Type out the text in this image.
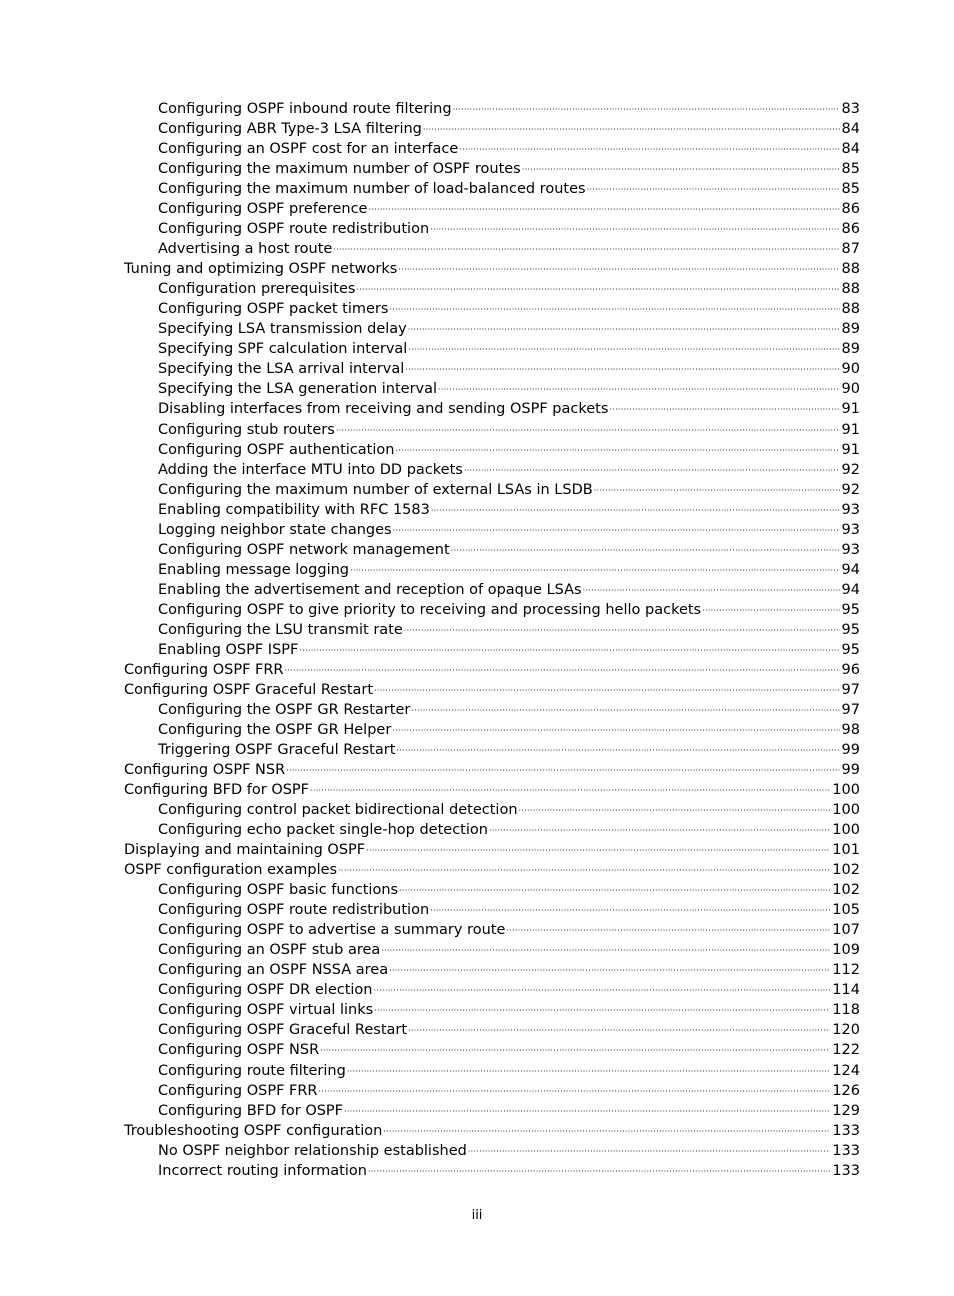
Configuring OSPF inbound route filtering ·····	83
Configuring ABR Type-3 LSA filtering ·····	84
Configuring an OSPF cost for an interface ·····	84
Configuring the maximum number of OSPF routes ·····	85
Configuring the maximum number of load-balanced routes ·····	85
Configuring OSPF preference ·····	86
Configuring OSPF route redistribution ·····	86
Advertising a host route ·····	87
Tuning and optimizing OSPF networks ·····	88
Configuration prerequisites ·····	88
Configuring OSPF packet timers ·····	88
Specifying LSA transmission delay ·····	89
Specifying SPF calculation interval ·····	89
Specifying the LSA arrival interval ·····	90
Specifying the LSA generation interval ·····	90
Disabling interfaces from receiving and sending OSPF packets ·····	91
Configuring stub routers ·····	91
Configuring OSPF authentication ·····	91
Adding the interface MTU into DD packets ·····	92
Configuring the maximum number of external LSAs in LSDB ·····	92
Enabling compatibility with RFC 1583 ·····	93
Logging neighbor state changes ·····	93
Configuring OSPF network management ·····	93
Enabling message logging ·····	94
Enabling the advertisement and reception of opaque LSAs ·····	94
Configuring OSPF to give priority to receiving and processing hello packets ·····	95
Configuring the LSU transmit rate ·····	95
Enabling OSPF ISPF ·····	95
Configuring OSPF FRR ·····	96
Configuring OSPF Graceful Restart ·····	97
Configuring the OSPF GR Restarter ·····	97
Configuring the OSPF GR Helper ·····	98
Triggering OSPF Graceful Restart ·····	99
Configuring OSPF NSR ·····	99
Configuring BFD for OSPF ·····	100
Configuring control packet bidirectional detection ·····	100
Configuring echo packet single-hop detection ·····	100
Displaying and maintaining OSPF ·····	101
OSPF configuration examples ·····	102
Configuring OSPF basic functions ·····	102
Configuring OSPF route redistribution ·····	105
Configuring OSPF to advertise a summary route ·····	107
Configuring an OSPF stub area ·····	109
Configuring an OSPF NSSA area ·····	112
Configuring OSPF DR election ·····	114
Configuring OSPF virtual links ·····	118
Configuring OSPF Graceful Restart ·····	120
Configuring OSPF NSR ·····	122
Configuring route filtering ·····	124
Configuring OSPF FRR ·····	126
Configuring BFD for OSPF ·····	129
Troubleshooting OSPF configuration ·····	133
No OSPF neighbor relationship established ·····	133
Incorrect routing information ·····	133
iii
